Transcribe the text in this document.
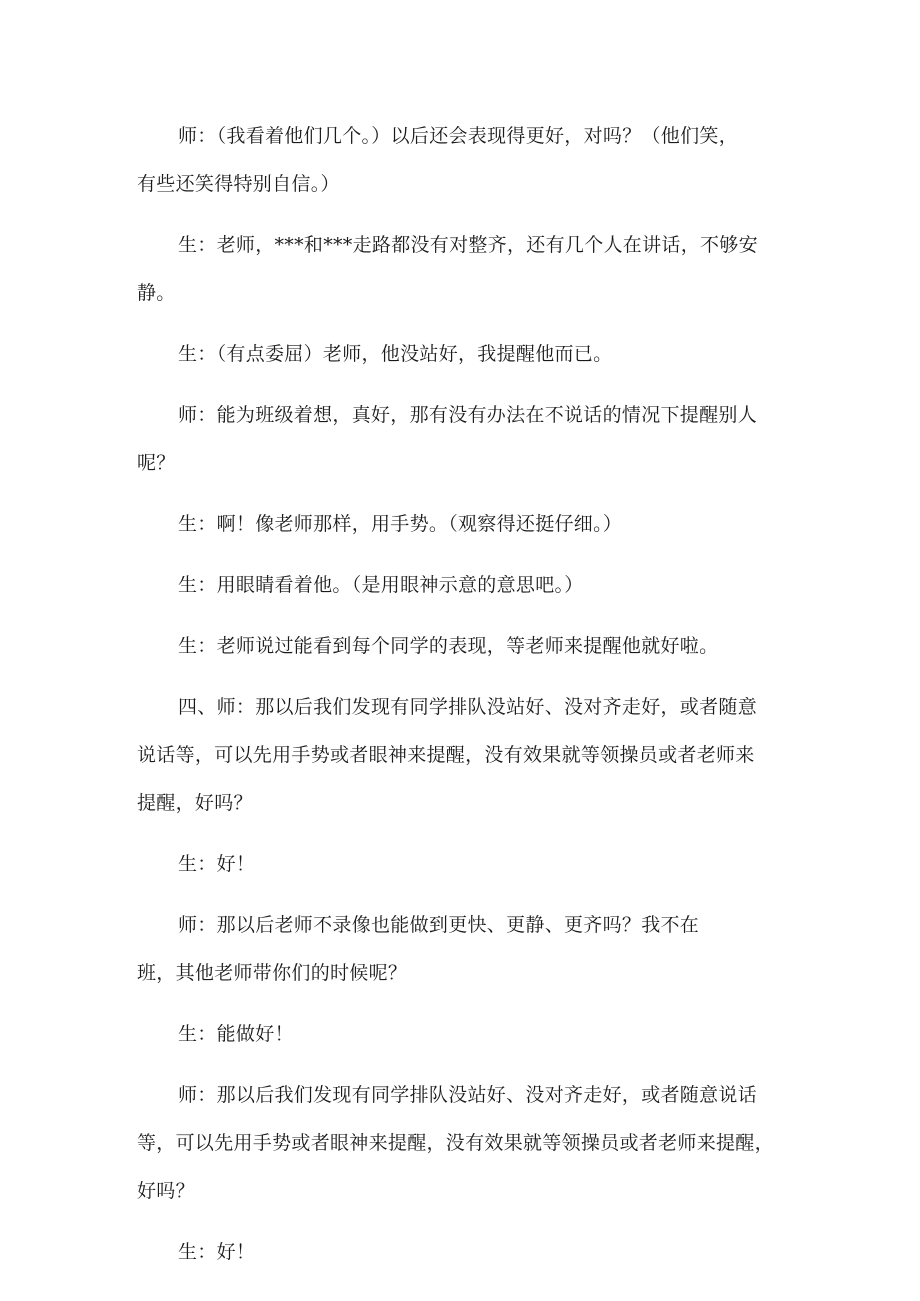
师：（我看着他们几个。）以后还会表现得更好，对吗？（他们笑，
有些还笑得特别自信。）
生：老师，***和***走路都没有对整齐，还有几个人在讲话，不够安
静。
生：（有点委屈）老师，他没站好，我提醒他而已。
师：能为班级着想，真好，那有没有办法在不说话的情况下提醒别人
呢？
生：啊！像老师那样，用手势。（观察得还挺仔细。）
生：用眼睛看着他。（是用眼神示意的意思吧。）
生：老师说过能看到每个同学的表现，等老师来提醒他就好啦。
四、师：那以后我们发现有同学排队没站好、没对齐走好，或者随意
说话等，可以先用手势或者眼神来提醒，没有效果就等领操员或者老师来
提醒，好吗？
生：好！
师：那以后老师不录像也能做到更快、更静、更齐吗？我不在
班，其他老师带你们的时候呢？
生：能做好！
师：那以后我们发现有同学排队没站好、没对齐走好，或者随意说话
等，可以先用手势或者眼神来提醒，没有效果就等领操员或者老师来提醒，
好吗？
生：好！
